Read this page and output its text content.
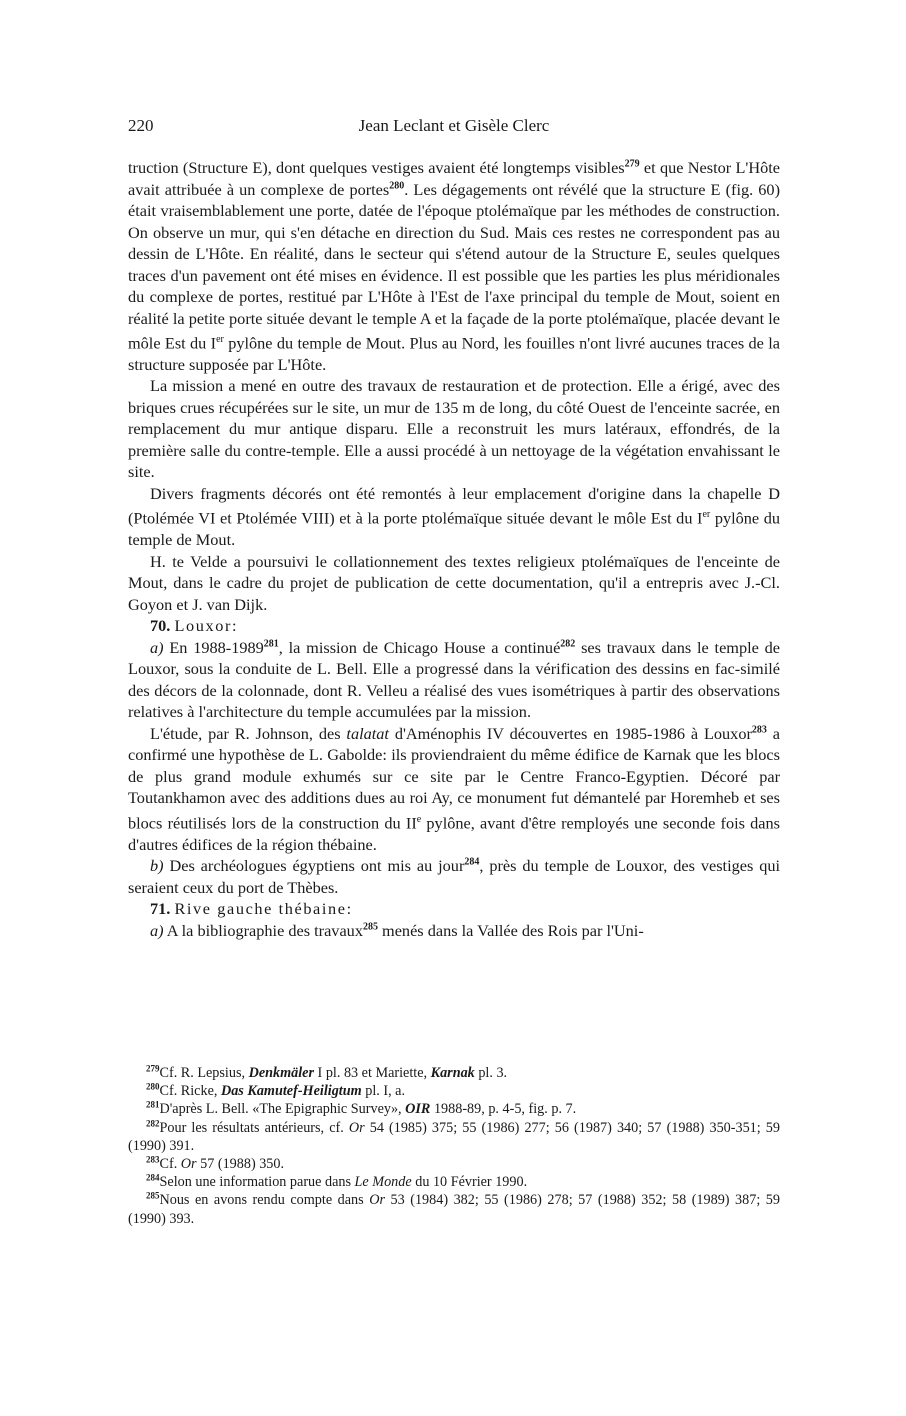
220	Jean Leclant et Gisèle Clerc

truction (Structure E), dont quelques vestiges avaient été longtemps visibles$^{279}$ et que Nestor L'Hôte avait attribuée à un complexe de portes$^{280}$. Les dégagements ont révélé que la structure E (fig. 60) était vraisemblablement une porte, datée de l'époque ptolémaïque par les méthodes de construction. On observe un mur, qui s'en détache en direction du Sud. Mais ces restes ne correspondent pas au dessin de L'Hôte. En réalité, dans le secteur qui s'étend autour de la Structure E, seules quelques traces d'un pavement ont été mises en évidence. Il est possible que les parties les plus méridionales du complexe de portes, restitué par L'Hôte à l'Est de l'axe principal du temple de Mout, soient en réalité la petite porte située devant le temple A et la façade de la porte ptolémaïque, placée devant le môle Est du Ier pylône du temple de Mout. Plus au Nord, les fouilles n'ont livré aucunes traces de la structure supposée par L'Hôte.

La mission a mené en outre des travaux de restauration et de protection. Elle a érigé, avec des briques crues récupérées sur le site, un mur de 135 m de long, du côté Ouest de l'enceinte sacrée, en remplacement du mur antique disparu. Elle a reconstruit les murs latéraux, effondrés, de la première salle du contre-temple. Elle a aussi procédé à un nettoyage de la végétation envahissant le site.

Divers fragments décorés ont été remontés à leur emplacement d'origine dans la chapelle D (Ptolémée VI et Ptolémée VIII) et à la porte ptolémaïque située devant le môle Est du Ier pylône du temple de Mout.

H. te Velde a poursuivi le collationnement des textes religieux ptolémaïques de l'enceinte de Mout, dans le cadre du projet de publication de cette documentation, qu'il a entrepris avec J.-Cl. Goyon et J. van Dijk.

70. Louxor:

a) En 1988-1989$^{281}$, la mission de Chicago House a continué$^{282}$ ses travaux dans le temple de Louxor, sous la conduite de L. Bell. Elle a progressé dans la vérification des dessins en fac-similé des décors de la colonnade, dont R. Velleu a réalisé des vues isométriques à partir des observations relatives à l'architecture du temple accumulées par la mission.

L'étude, par R. Johnson, des talatat d'Aménophis IV découvertes en 1985-1986 à Louxor$^{283}$ a confirmé une hypothèse de L. Gabolde: ils proviendraient du même édifice de Karnak que les blocs de plus grand module exhumés sur ce site par le Centre Franco-Egyptien. Décoré par Toutankhamon avec des additions dues au roi Ay, ce monument fut démantelé par Horemheb et ses blocs réutilisés lors de la construction du IIe pylône, avant d'être remployés une seconde fois dans d'autres édifices de la région thébaine.

b) Des archéologues égyptiens ont mis au jour$^{284}$, près du temple de Louxor, des vestiges qui seraient ceux du port de Thèbes.

71. Rive gauche thébaine:

a) A la bibliographie des travaux$^{285}$ menés dans la Vallée des Rois par l'Uni-

$^{279}$Cf. R. Lepsius, Denkmäler I pl. 83 et Mariette, Karnak pl. 3.

$^{280}$Cf. Ricke, Das Kamutef-Heiligtum pl. I, a.

$^{281}$D'après L. Bell. «The Epigraphic Survey», OIR 1988-89, p. 4-5, fig. p. 7.

$^{282}$Pour les résultats antérieurs, cf. Or 54 (1985) 375; 55 (1986) 277; 56 (1987) 340; 57 (1988) 350-351; 59 (1990) 391.

$^{283}$Cf. Or 57 (1988) 350.

$^{284}$Selon une information parue dans Le Monde du 10 Février 1990.

$^{285}$Nous en avons rendu compte dans Or 53 (1984) 382; 55 (1986) 278; 57 (1988) 352; 58 (1989) 387; 59 (1990) 393.
